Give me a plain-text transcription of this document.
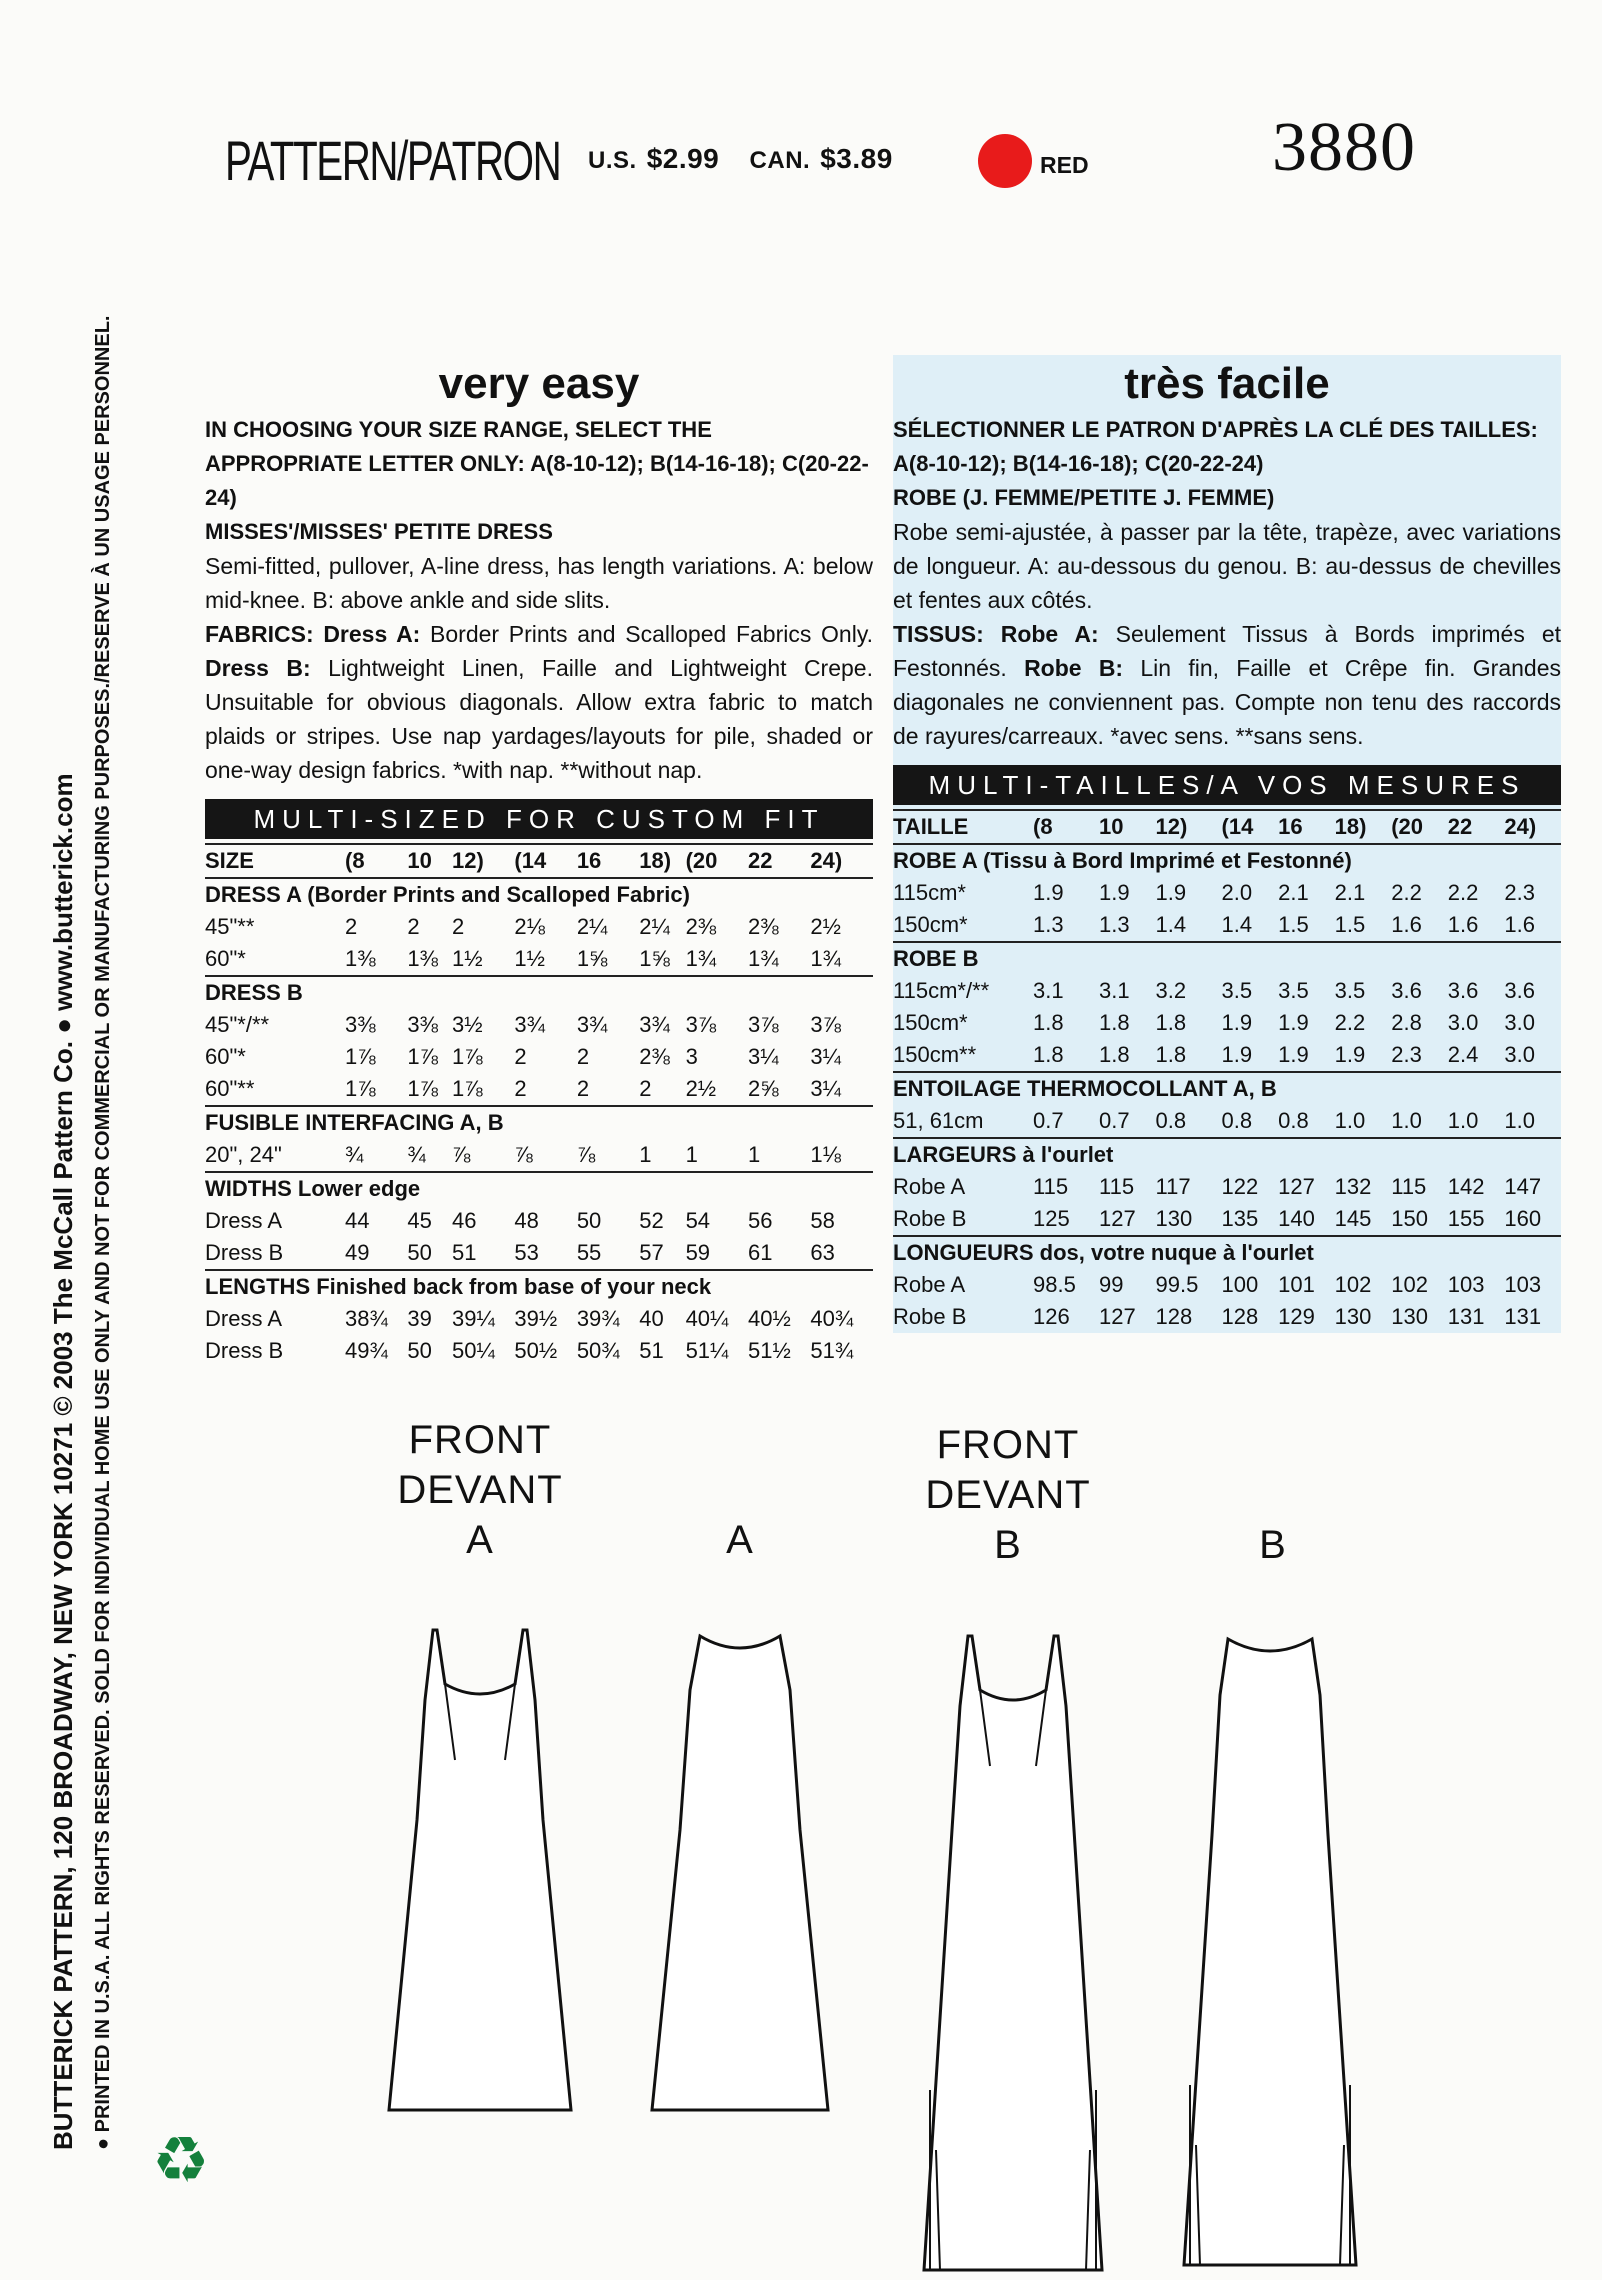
PATTERN/PATRON U.S. $2.99 CAN. $3.89	RED	3880
very easy
IN CHOOSING YOUR SIZE RANGE, SELECT THE APPROPRIATE LETTER ONLY: A(8-10-12); B(14-16-18); C(20-22-24)
MISSES'/MISSES' PETITE DRESS
Semi-fitted, pullover, A-line dress, has length variations. A: below mid-knee. B: above ankle and side slits.
FABRICS: Dress A: Border Prints and Scalloped Fabrics Only. Dress B: Lightweight Linen, Faille and Lightweight Crepe. Unsuitable for obvious diagonals. Allow extra fabric to match plaids or stripes. Use nap yardages/layouts for pile, shaded or one-way design fabrics. *with nap. **without nap.
MULTI-SIZED FOR CUSTOM FIT
SIZE	(8	10	12)	(14	16	18)	(20	22	24)
DRESS A (Border Prints and Scalloped Fabric)									
45"**	2	2	2	2⅛	2¼	2¼	2⅜	2⅜	2½
60"*	1⅜	1⅜	1½	1½	1⅝	1⅝	1¾	1¾	1¾
DRESS B									
45"*/**	3⅜	3⅜	3½	3¾	3¾	3¾	3⅞	3⅞	3⅞
60"*	1⅞	1⅞	1⅞	2	2	2⅜	3	3¼	3¼
60"**	1⅞	1⅞	1⅞	2	2	2	2½	2⅝	3¼
FUSIBLE INTERFACING A, B									
20", 24"	¾	¾	⅞	⅞	⅞	1	1	1	1⅛
WIDTHS Lower edge									
Dress A	44	45	46	48	50	52	54	56	58
Dress B	49	50	51	53	55	57	59	61	63
LENGTHS Finished back from base of your neck									
Dress A	38¾	39	39¼	39½	39¾	40	40¼	40½	40¾
Dress B	49¾	50	50¼	50½	50¾	51	51¼	51½	51¾
très facile
SÉLECTIONNER LE PATRON D'APRÈS LA CLÉ DES TAILLES: A(8-10-12); B(14-16-18); C(20-22-24)
ROBE (J. FEMME/PETITE J. FEMME)
Robe semi-ajustée, à passer par la tête, trapèze, avec variations de longueur. A: au-dessous du genou. B: au-dessus de chevilles et fentes aux côtés.
TISSUS: Robe A: Seulement Tissus à Bords imprimés et Festonnés. Robe B: Lin fin, Faille et Crêpe fin. Grandes diagonales ne conviennent pas. Compte non tenu des raccords de rayures/carreaux. *avec sens. **sans sens.
MULTI-TAILLES/A VOS MESURES
TAILLE	(8	10	12)	(14	16	18)	(20	22	24)
ROBE A (Tissu à Bord Imprimé et Festonné)									
115cm*	1.9	1.9	1.9	2.0	2.1	2.1	2.2	2.2	2.3
150cm*	1.3	1.3	1.4	1.4	1.5	1.5	1.6	1.6	1.6
ROBE B									
115cm*/**	3.1	3.1	3.2	3.5	3.5	3.5	3.6	3.6	3.6
150cm*	1.8	1.8	1.8	1.9	1.9	2.2	2.8	3.0	3.0
150cm**	1.8	1.8	1.8	1.9	1.9	1.9	2.3	2.4	3.0
ENTOILAGE THERMOCOLLANT A, B									
51, 61cm	0.7	0.7	0.8	0.8	0.8	1.0	1.0	1.0	1.0
LARGEURS à l'ourlet									
Robe A	115	115	117	122	127	132	115	142	147
Robe B	125	127	130	135	140	145	150	155	160
LONGUEURS dos, votre nuque à l'ourlet									
Robe A	98.5	99	99.5	100	101	102	102	103	103
Robe B	126	127	128	128	129	130	130	131	131
FRONT
DEVANT
A	A
FRONT
DEVANT
B	B
BUTTERICK PATTERN, 120 BROADWAY, NEW YORK 10271 © 2003 The McCall Pattern Co. ● www.butterick.com ● PRINTED IN U.S.A. ALL RIGHTS RESERVED. SOLD FOR INDIVIDUAL HOME USE ONLY AND NOT FOR COMMERCIAL OR MANUFACTURING PURPOSES./RESERVE À UN USAGE PERSONNEL.
♻
